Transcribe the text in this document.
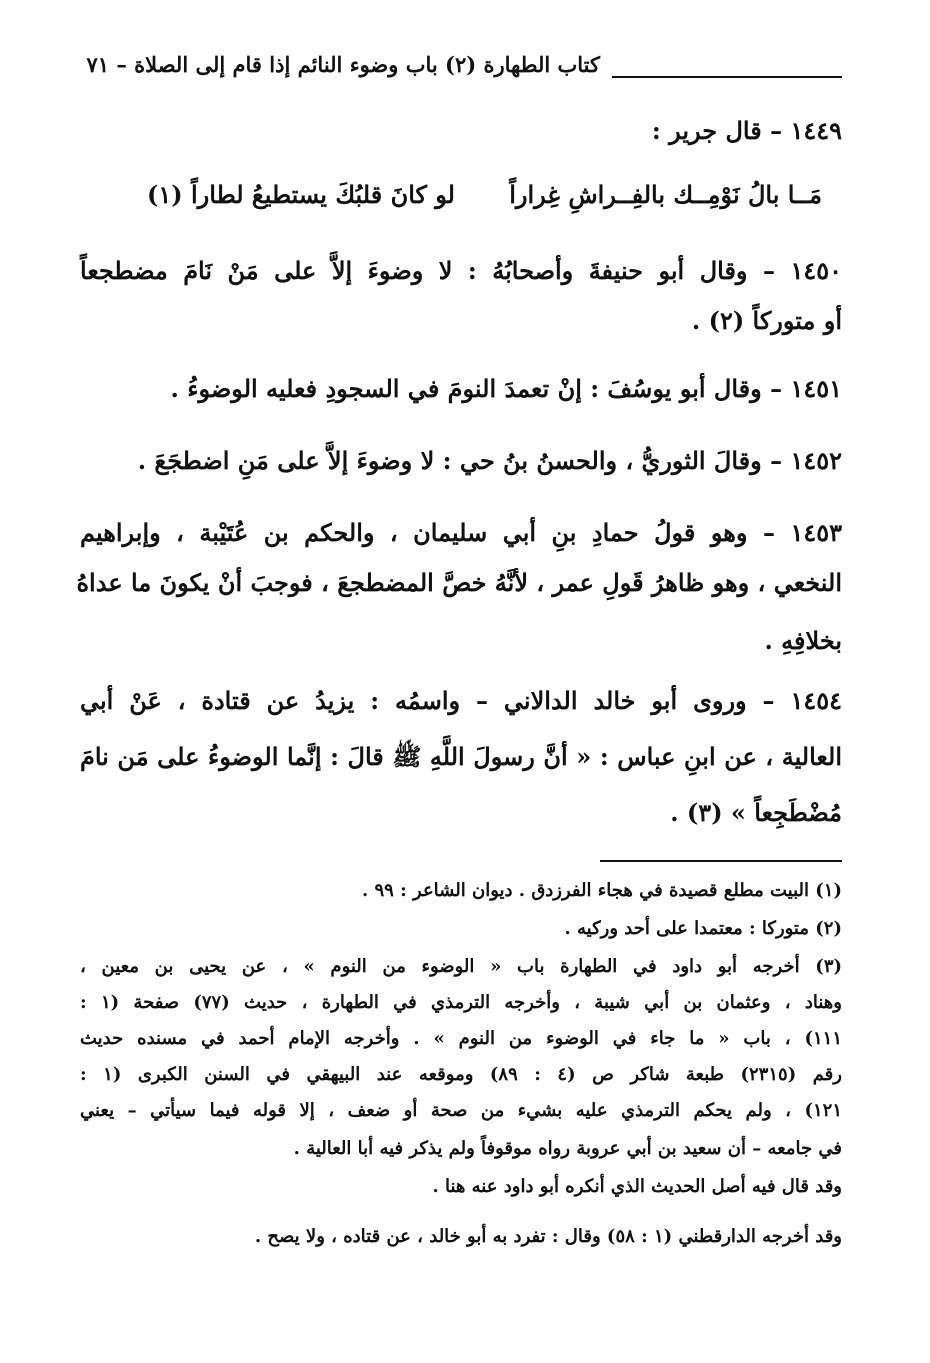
كتاب الطهارة (٢) باب وضوء النائم إذا قام إلى الصلاة – ٧١
١٤٤٩ – قال جرير :
مَــا بالُ نَوْمِــك بالفِــراشِ غِراراً
لو كانَ قلبُكَ يستطيعُ لطاراً (١)
١٤٥٠ – وقال أبو حنيفةَ وأصحابُهُ : لا وضوءَ إلاَّ على مَنْ نَامَ مضطجعاً
أو متوركاً (٢) .
١٤٥١ – وقال أبو يوسُفَ : إنْ تعمدَ النومَ في السجودِ فعليه الوضوءُ .
١٤٥٢ – وقالَ الثوريُّ ، والحسنُ بنُ حي : لا وضوءَ إلاَّ على مَنِ اضطجَعَ .
١٤٥٣ – وهو قولُ حمادِ بنِ أبي سليمان ، والحكم بن عُتَيْبة ، وإبراهيم
النخعي ، وهو ظاهرُ قَولِ عمر ، لأنَّهُ خصَّ المضطجعَ ، فوجبَ أنْ يكونَ ما عداهُ
بخلافِهِ .
١٤٥٤ – وروى أبو خالد الدالاني – واسمُه : يزيدُ عن قتادة ، عَنْ أبي
العالية ، عن ابنِ عباس : « أنَّ رسولَ اللَّهِ ﷺ قالَ : إنَّما الوضوءُ على مَن نامَ
مُضْطَجِعاً » (٣) .
(١) البيت مطلع قصيدة في هجاء الفرزدق . ديوان الشاعر : ٩٩ .
(٢) متوركا : معتمدا على أحد وركيه .
(٣) أخرجه أبو داود في الطهارة باب « الوضوء من النوم » ، عن يحيى بن معين ،
وهناد ، وعثمان بن أبي شيبة ، وأخرجه الترمذي في الطهارة ، حديث (٧٧) صفحة (١ :
١١١) ، باب « ما جاء في الوضوء من النوم » . وأخرجه الإمام أحمد في مسنده حديث
رقم (٢٣١٥) طبعة شاكر ص (٤ : ٨٩) وموقعه عند البيهقي في السنن الكبرى (١ :
١٢١) ، ولم يحكم الترمذي عليه بشيء من صحة أو ضعف ، إلا قوله فيما سيأتي – يعني
في جامعه – أن سعيد بن أبي عروبة رواه موقوفاً ولم يذكر فيه أبا العالية .
وقد قال فيه أصل الحديث الذي أنكره أبو داود عنه هنا .
وقد أخرجه الدارقطني (١ : ٥٨) وقال : تفرد به أبو خالد ، عن قتاده ، ولا يصح .
